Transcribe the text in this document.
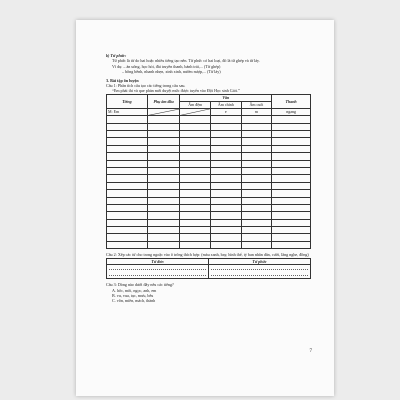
b) Từ phức:

Từ phức là từ do hai hoặc nhiều tiếng tạo nên. Từ phức có hai loại, đó là từ ghép và từ láy.

Ví dụ: – ăn uống, học hỏi, đài truyền thanh, bánh trái,... (Từ ghép)

– bồng bềnh, nhanh nhẹn, xinh xinh, nườm nượp,... (Từ láy)

3. Bài tập ôn luyện

Câu 1: Phân tích cấu tạo các tiếng trong câu sau.

“Em phải thi và que phản mới duyệt mức được tuyển vào Đội Học sinh Giỏi.”

Tiếng	Phụ âm đầu	Vần			Thanh
		Âm đệm	Âm chính	Âm cuối	
M: Em			e	m	ngang

Câu 2: Xếp các từ cho trong ngoặc vào ô trống thích hợp: (màu xanh, bay, hình thể, tỷ ban nhân dân, cười, lắng nghe, đồng)

Từ đơn	Từ phức

Câu 3: Dòng nào dưới đây nêu các tiếng?

A. hốc, môi, ngọc, anh, em

B. vu, vua, tục, mưu, bêu

C. vồn, miền, mách, thành

7
